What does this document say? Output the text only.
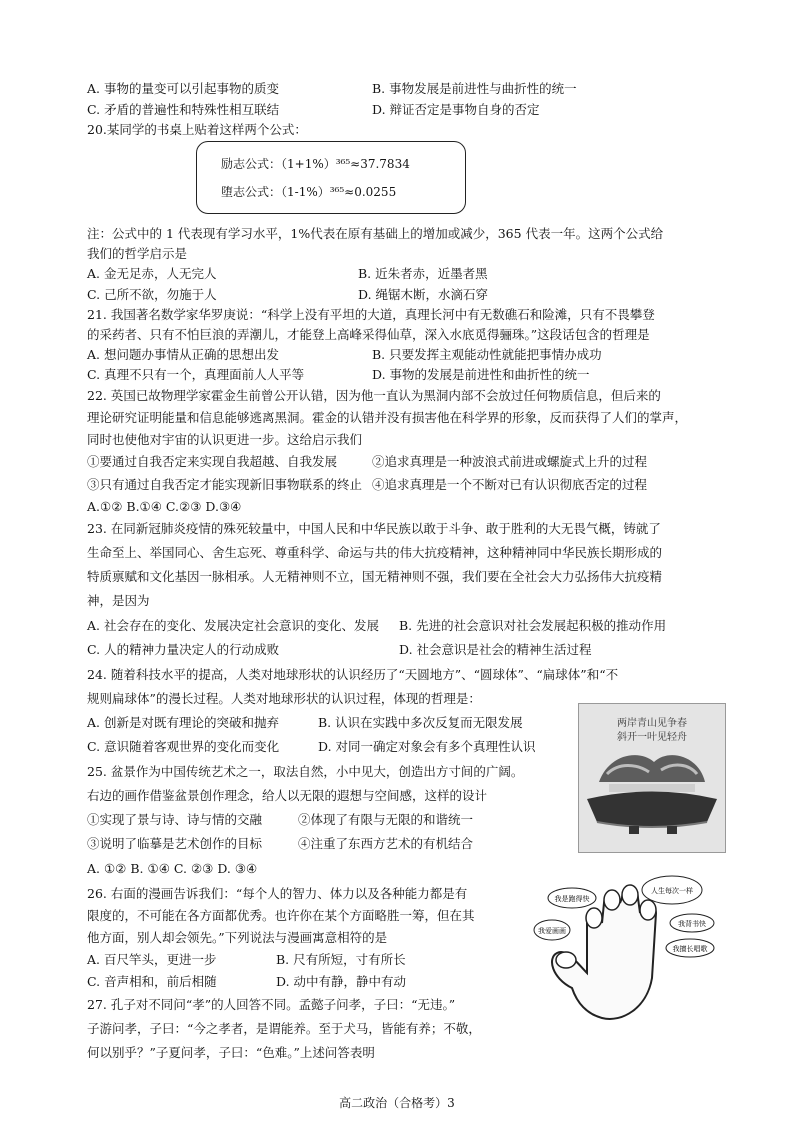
A. 事物的量变可以引起事物的质变	B. 事物发展是前进性与曲折性的统一
C. 矛盾的普遍性和特殊性相互联结	D. 辩证否定是事物自身的否定
20.某同学的书桌上贴着这样两个公式：
励志公式：（1+1%）³⁶⁵≈37.7834
堕志公式：（1-1%）³⁶⁵≈0.0255
注：公式中的 1 代表现有学习水平，1%代表在原有基础上的增加或减少，365 代表一年。这两个公式给
我们的哲学启示是
A. 金无足赤，人无完人	B. 近朱者赤，近墨者黑
C. 己所不欲，勿施于人	D. 绳锯木断，水滴石穿
21. 我国著名数学家华罗庚说：“科学上没有平坦的大道，真理长河中有无数礁石和险滩，只有不畏攀登
的采药者、只有不怕巨浪的弄潮儿，才能登上高峰采得仙草，深入水底觅得骊珠。”这段话包含的哲理是
A. 想问题办事情从正确的思想出发	B. 只要发挥主观能动性就能把事情办成功
C. 真理不只有一个，真理面前人人平等	D. 事物的发展是前进性和曲折性的统一
22. 英国已故物理学家霍金生前曾公开认错，因为他一直认为黑洞内部不会放过任何物质信息，但后来的
理论研究证明能量和信息能够逃离黑洞。霍金的认错并没有损害他在科学界的形象，反而获得了人们的掌声，
同时也使他对宇宙的认识更进一步。这给启示我们
①要通过自我否定来实现自我超越、自我发展	②追求真理是一种波浪式前进或螺旋式上升的过程
③只有通过自我否定才能实现新旧事物联系的终止 ④追求真理是一个不断对已有认识彻底否定的过程
A.①② B.①④ C.②③ D.③④
23. 在同新冠肺炎疫情的殊死较量中，中国人民和中华民族以敢于斗争、敢于胜利的大无畏气概，铸就了
生命至上、举国同心、舍生忘死、尊重科学、命运与共的伟大抗疫精神，这种精神同中华民族长期形成的
特质禀赋和文化基因一脉相承。人无精神则不立，国无精神则不强，我们要在全社会大力弘扬伟大抗疫精
神，是因为
A. 社会存在的变化、发展决定社会意识的变化、发展 B. 先进的社会意识对社会发展起积极的推动作用
C. 人的精神力量决定人的行动成败	D. 社会意识是社会的精神生活过程
24. 随着科技水平的提高，人类对地球形状的认识经历了“天圆地方”、“圆球体”、“扁球体”和“不
规则扁球体”的漫长过程。人类对地球形状的认识过程，体现的哲理是：
A. 创新是对既有理论的突破和抛弃	B. 认识在实践中多次反复而无限发展
C. 意识随着客观世界的变化而变化	D. 对同一确定对象会有多个真理性认识
25. 盆景作为中国传统艺术之一，取法自然，小中见大，创造出方寸间的广阔。
右边的画作借鉴盆景创作理念，给人以无限的遐想与空间感，这样的设计
①实现了景与诗、诗与情的交融	②体现了有限与无限的和谐统一
③说明了临摹是艺术创作的目标	④注重了东西方艺术的有机结合
A. ①② B. ①④ C. ②③ D. ③④
26. 右面的漫画告诉我们：“每个人的智力、体力以及各种能力都是有
限度的，不可能在各方面都优秀。也许你在某个方面略胜一筹，但在其
他方面，别人却会领先。”下列说法与漫画寓意相符的是
A. 百尺竿头，更进一步	B. 尺有所短，寸有所长
C. 音声相和，前后相随	D. 动中有静，静中有动
27. 孔子对不同问“孝”的人回答不同。孟懿子问孝，子曰：“无违。”
子游问孝，子曰：“今之孝者，是谓能养。至于犬马，皆能有养；不敬，
何以别乎？”子夏问孝，子曰：“色难。”上述问答表明
两岸青山见争春
斜开一叶见轻舟
我是跑得快
我爱画画
人生每次一样
我背书快
我擅长唱歌
高二政治（合格考）3
